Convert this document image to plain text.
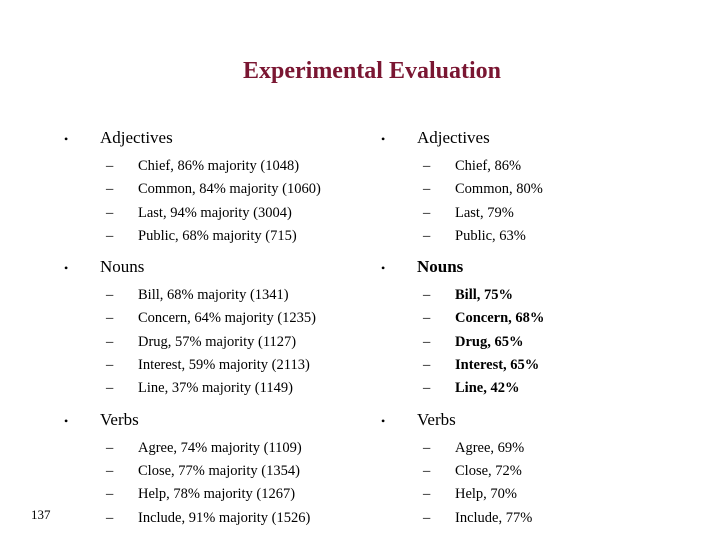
Experimental Evaluation
•	Adjectives
–	Chief, 86% majority (1048)
–	Common, 84% majority (1060)
–	Last, 94% majority (3004)
–	Public, 68% majority (715)
•	Nouns
–	Bill, 68% majority (1341)
–	Concern, 64% majority (1235)
–	Drug, 57% majority (1127)
–	Interest, 59% majority (2113)
–	Line, 37% majority (1149)
•	Verbs
–	Agree, 74% majority (1109)
–	Close, 77% majority (1354)
–	Help, 78% majority (1267)
–	Include, 91% majority (1526)
•	Adjectives
–	Chief, 86%
–	Common, 80%
–	Last, 79%
–	Public, 63%
•	Nouns
–	Bill, 75%
–	Concern, 68%
–	Drug, 65%
–	Interest, 65%
–	Line, 42%
•	Verbs
–	Agree, 69%
–	Close, 72%
–	Help, 70%
–	Include, 77%
137
